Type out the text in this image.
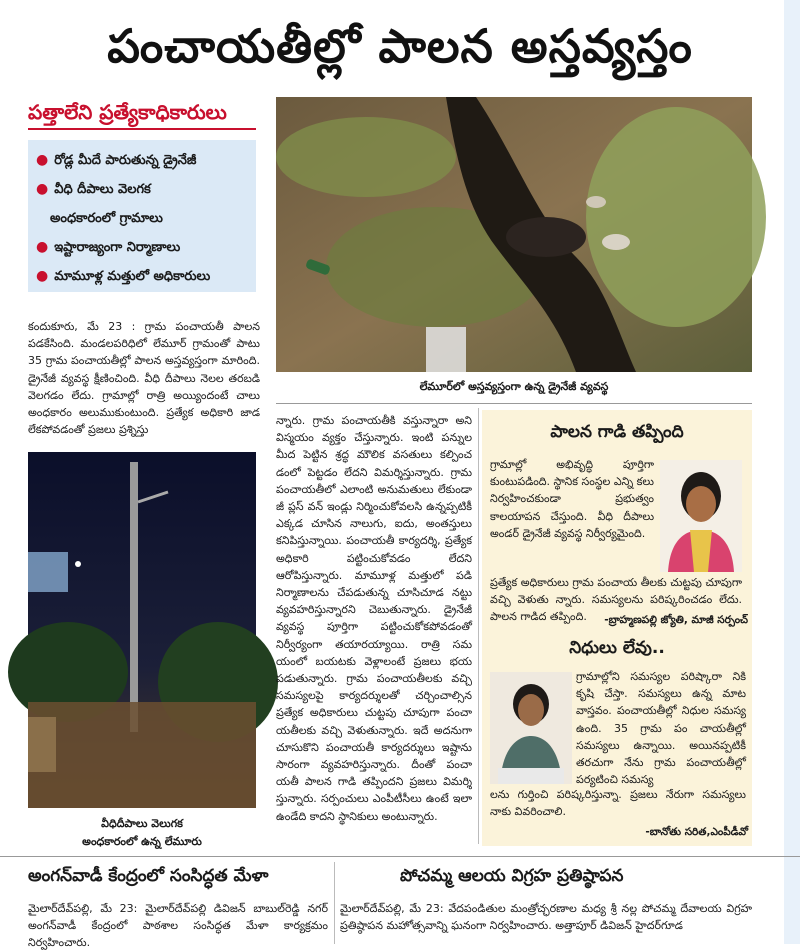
పంచాయతీల్లో పాలన అస్తవ్యస్తం
పత్తాలేని ప్రత్యేకాధికారులు
● రోడ్ల మీదే పారుతున్న డ్రైనేజీ
● వీధి దీపాలు వెలగక
అంధకారంలో గ్రామాలు
● ఇష్టారాజ్యంగా నిర్మాణాలు
● మామూళ్ల మత్తులో అధికారులు

కందుకూరు, మే 23 : గ్రామ పంచాయతీ పాలన పడకేసింది. మండలపరిధిలో లేమూర్ గ్రామంతో పాటు 35 గ్రామ పంచాయతీల్లో పాలన అస్తవ్యస్తంగా మారింది. డ్రైనేజీ వ్యవస్థ క్షీణించింది. వీధి దీపాలు నెలల తరబడి వెలగడం లేదు. గ్రామాల్లో రాత్రి అయ్యిందంటే చాలు అంధకారం అలుముకుంటుంది. ప్రత్యేక అధికారి జాడ లేకపోవడంతో ప్రజలు ప్రశ్నిస్తు

లేమూర్‌లో అస్తవ్యస్తంగా ఉన్న డ్రైనేజీ వ్యవస్థ
వీధిదీపాలు వెలుగక
అంధకారంలో ఉన్న లేమూరు

న్నారు. గ్రామ పంచాయతీకి వస్తున్నారా అని విస్మయం వ్యక్తం చేస్తున్నారు. ఇంటి పన్నుల మీద పెట్టిన శ్రద్ధ మౌలిక వసతులు కల్పించ డంలో పెట్టడం లేదని విమర్శిస్తున్నారు. గ్రామ పంచాయతీలో ఎలాంటి అనుమతులు లేకుండా జీ ప్లస్ వన్ ఇండ్లు నిర్మించుకోవలసి ఉన్నప్పటికీ ఎక్కడ చూసిన నాలుగు, ఐదు, అంతస్తులు కనిపిస్తున్నాయి. పంచాయతీ కార్యదర్శి, ప్రత్యేక అధికారి పట్టించుకోవడం లేదని ఆరోపిస్తున్నారు. మామూళ్ల మత్తులో పడి నిర్మాణాలను చేపడుతున్న చూసిచూడ నట్టు వ్యవహరిస్తున్నారని చెబుతున్నారు. డ్రైనేజీ వ్యవస్థ పూర్తిగా పట్టించుకోకపోవడంతో నిర్వీర్యంగా తయారయ్యాయి. రాత్రి సమ యంలో బయటకు వెళ్లాలంటే ప్రజలు భయ పడుతున్నారు. గ్రామ పంచాయతీలకు వచ్చి సమస్యలపై కార్యదర్శులతో చర్చించాల్సిన ప్రత్యేక అధికారులు చుట్టపు చూపుగా పంచా యతీలకు వచ్చి వెళుతున్నారు. ఇదే అదనుగా చూసుకొని పంచాయతీ కార్యదర్శులు ఇష్టాను సారంగా వ్యవహరిస్తున్నారు. దీంతో పంచా యతీ పాలన గాడి తప్పిందని ప్రజలు విమర్శి స్తున్నారు. సర్పంచులు ఎంపీటీసీలు ఉంటే ఇలా ఉండేది కాదని స్థానికులు అంటున్నారు.

పాలన గాడి తప్పింది

గ్రామాల్లో అభివృద్ధి పూర్తిగా కుంటుపడింది. స్థానిక సంస్థల ఎన్ని కలు నిర్వహించకుండా ప్రభుత్వం కాలయాపన చేస్తుంది. వీధి దీపాలు అండర్ డ్రైనేజీ వ్యవస్థ నిర్వీర్యమైంది.

ప్రత్యేక అధికారులు గ్రామ పంచాయ తీలకు చుట్టపు చూపుగా వచ్చి వెళుతు న్నారు. సమస్యలను పరిష్కరించడం లేదు. పాలన గాడిద తప్పింది.	-బ్రాహ్మణపల్లి జ్యోతి, మాజీ సర్పంచ్
నిధులు లేవు..

గ్రామాల్లోని సమస్యల పరిష్కారా నికి కృషి చేస్తా. సమస్యలు ఉన్న మాట వాస్తవం. పంచాయతీల్లో నిధుల సమస్య ఉంది. 35 గ్రామ పం చాయతీల్లో సమస్యలు ఉన్నాయి. అయినప్పటికీ తరచుగా నేను గ్రామ పంచాయతీల్లో పర్యటించి సమస్య

లను గుర్తించి పరిష్కరిస్తున్నా. ప్రజలు నేరుగా సమస్యలు నాకు వివరించాలి.

-బానోతు సరిత,ఎంపీడీవో
అంగన్‌వాడీ కేంద్రంలో సంసిద్ధత మేళా	పోచమ్మ ఆలయ విగ్రహ ప్రతిష్ఠాపన

మైలార్‌దేవ్‌పల్లి, మే 23: మైలార్‌దేవ్‌పల్లి డివిజన్ బాబుల్‌రెడ్డి నగర్ అంగన్‌వాడీ కేంద్రంలో పాఠశాల సంసిద్ధత మేళా కార్యక్రమం నిర్వహించారు.

మైలార్‌దేవ్‌పల్లి, మే 23: వేదపండితుల మంత్రోచ్ఛరణాల మధ్య శ్రీ నల్ల పోచమ్మ దేవాలయ విగ్రహ ప్రతిష్ఠాపన మహోత్సవాన్ని ఘనంగా నిర్వహించారు. అత్తాపూర్ డివిజన్ హైదర్‌గూడ
